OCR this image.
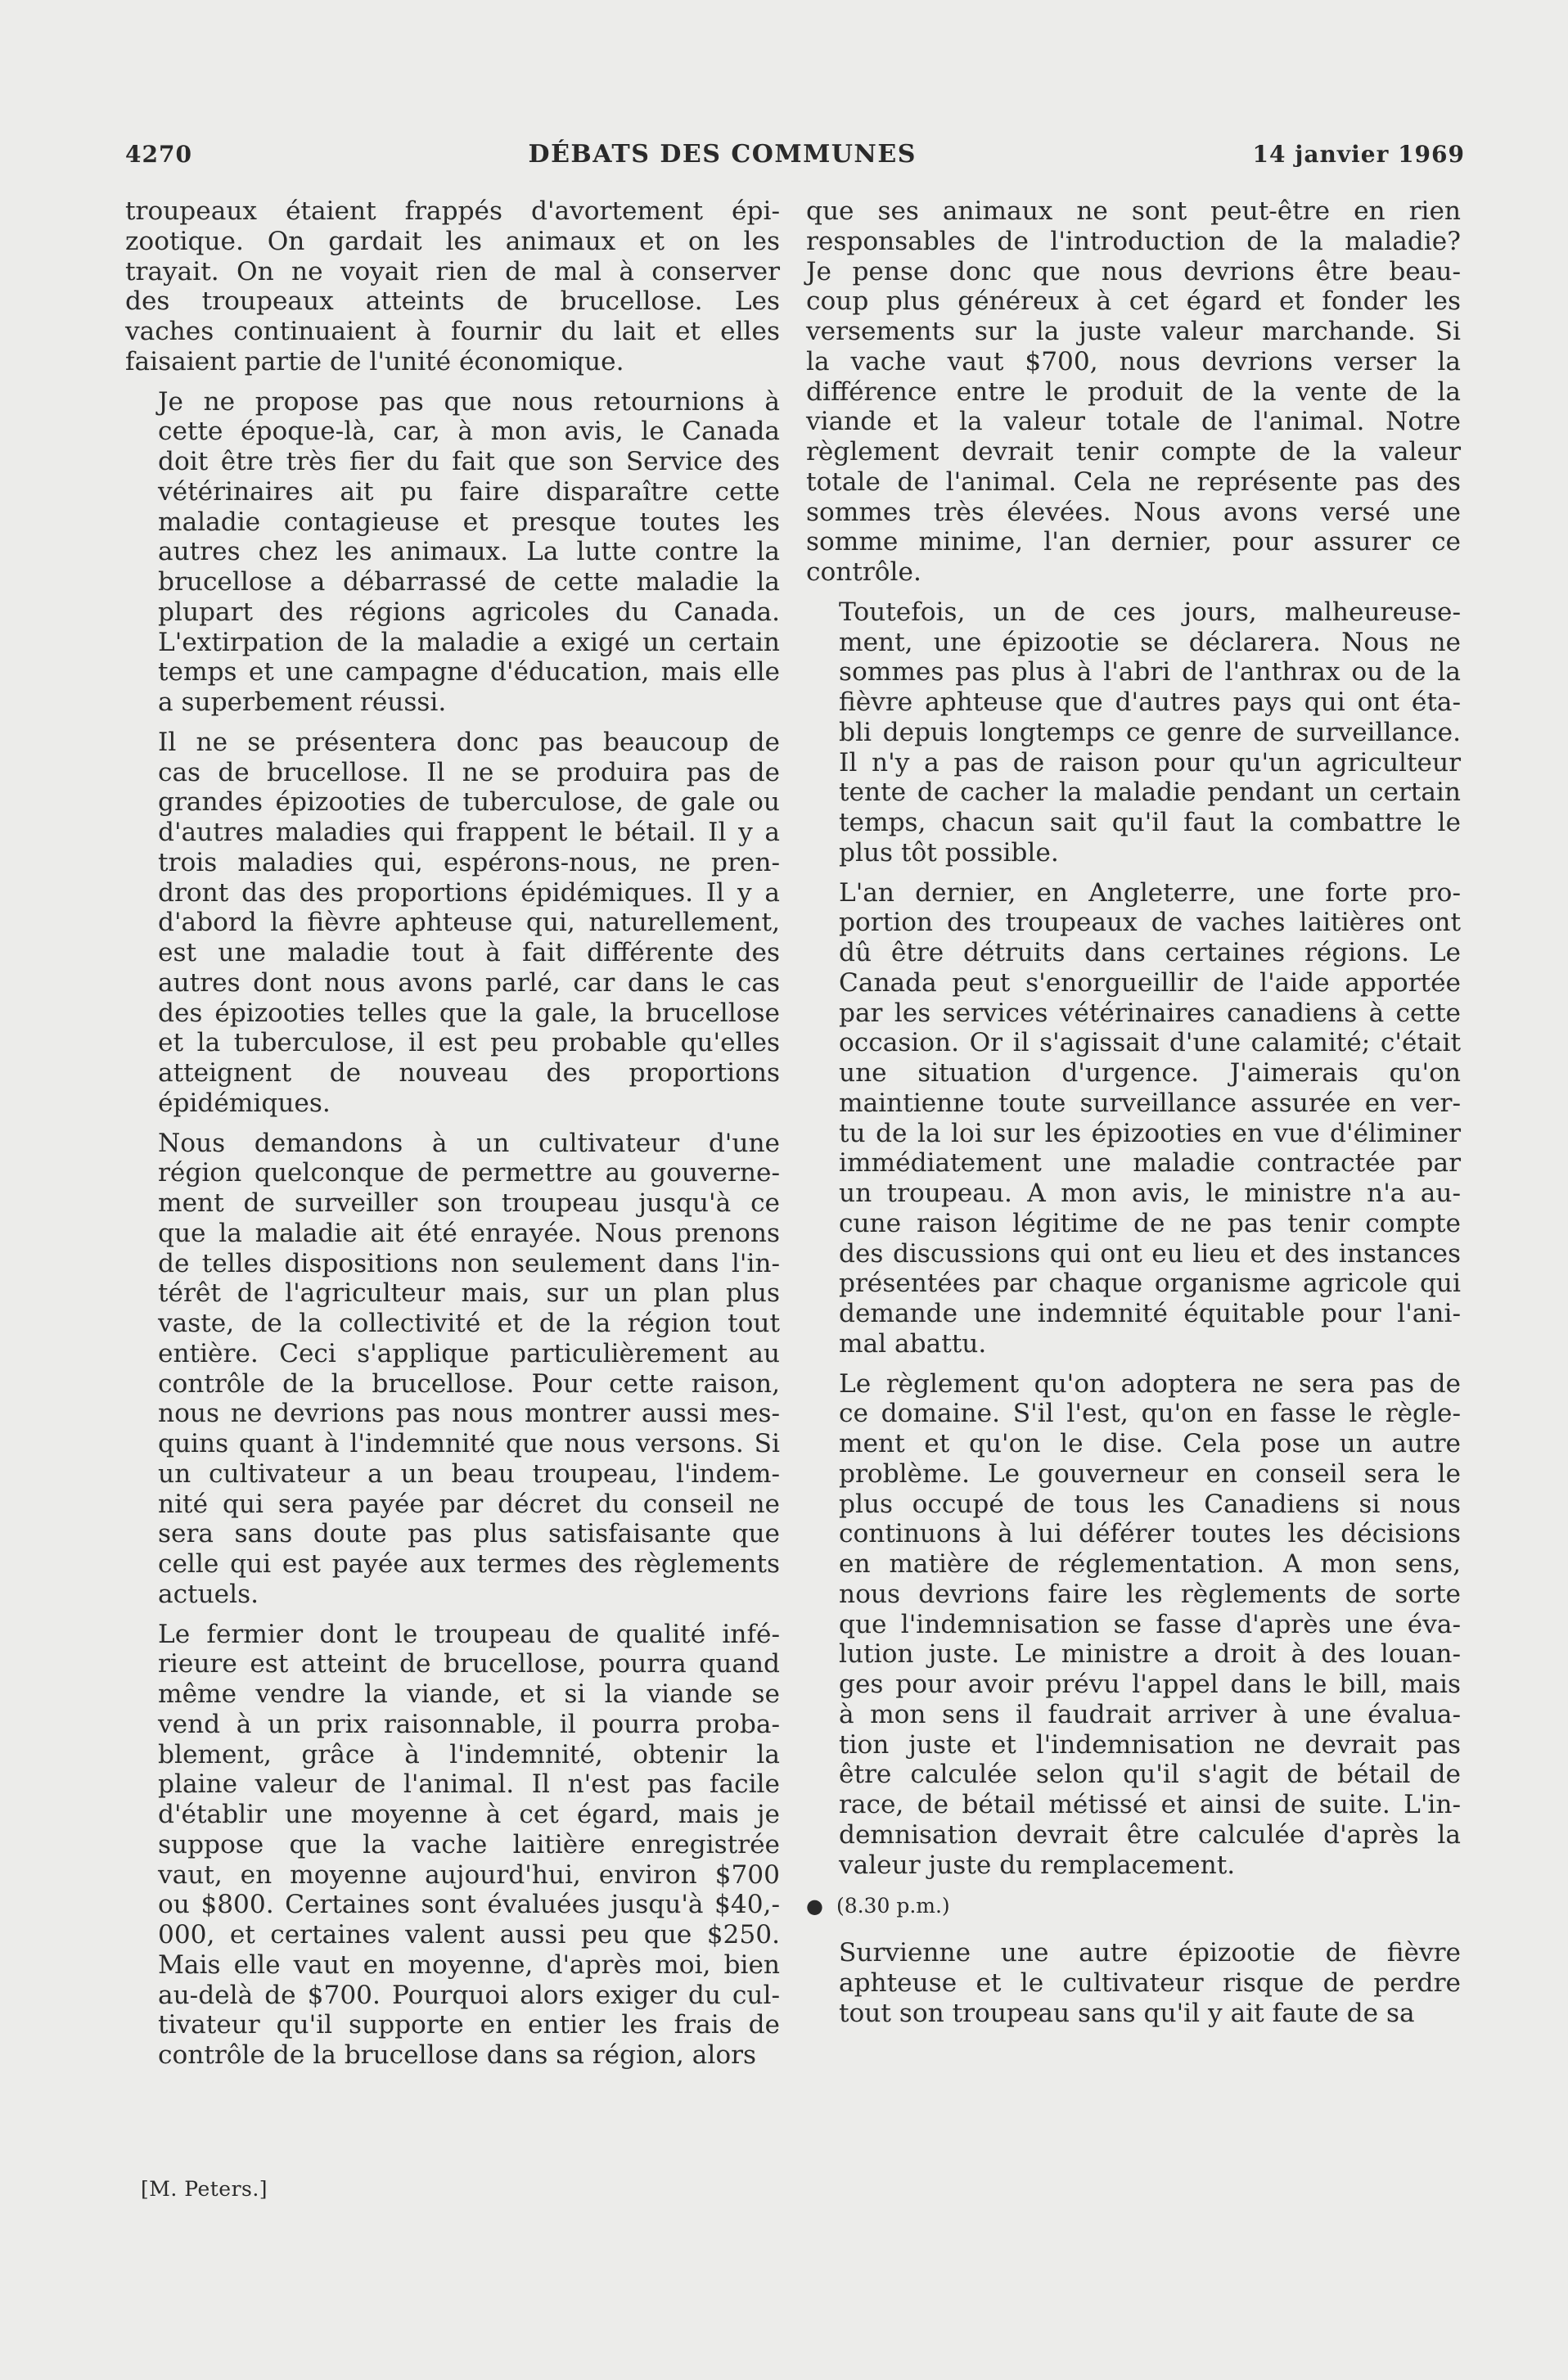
4270	DÉBATS DES COMMUNES	14 janvier 1969

troupeaux étaient frappés d'avortement épi-
zootique. On gardait les animaux et on les
trayait. On ne voyait rien de mal à conserver
des troupeaux atteints de brucellose. Les
vaches continuaient à fournir du lait et elles
faisaient partie de l'unité économique.

Je ne propose pas que nous retournions à
cette époque-là, car, à mon avis, le Canada
doit être très fier du fait que son Service des
vétérinaires ait pu faire disparaître cette
maladie contagieuse et presque toutes les
autres chez les animaux. La lutte contre la
brucellose a débarrassé de cette maladie la
plupart des régions agricoles du Canada.
L'extirpation de la maladie a exigé un certain
temps et une campagne d'éducation, mais elle
a superbement réussi.

Il ne se présentera donc pas beaucoup de
cas de brucellose. Il ne se produira pas de
grandes épizooties de tuberculose, de gale ou
d'autres maladies qui frappent le bétail. Il y a
trois maladies qui, espérons-nous, ne pren-
dront das des proportions épidémiques. Il y a
d'abord la fièvre aphteuse qui, naturellement,
est une maladie tout à fait différente des
autres dont nous avons parlé, car dans le cas
des épizooties telles que la gale, la brucellose
et la tuberculose, il est peu probable qu'elles
atteignent de nouveau des proportions
épidémiques.

Nous demandons à un cultivateur d'une
région quelconque de permettre au gouverne-
ment de surveiller son troupeau jusqu'à ce
que la maladie ait été enrayée. Nous prenons
de telles dispositions non seulement dans l'in-
térêt de l'agriculteur mais, sur un plan plus
vaste, de la collectivité et de la région tout
entière. Ceci s'applique particulièrement au
contrôle de la brucellose. Pour cette raison,
nous ne devrions pas nous montrer aussi mes-
quins quant à l'indemnité que nous versons. Si
un cultivateur a un beau troupeau, l'indem-
nité qui sera payée par décret du conseil ne
sera sans doute pas plus satisfaisante que
celle qui est payée aux termes des règlements
actuels.

Le fermier dont le troupeau de qualité infé-
rieure est atteint de brucellose, pourra quand
même vendre la viande, et si la viande se
vend à un prix raisonnable, il pourra proba-
blement, grâce à l'indemnité, obtenir la
plaine valeur de l'animal. Il n'est pas facile
d'établir une moyenne à cet égard, mais je
suppose que la vache laitière enregistrée
vaut, en moyenne aujourd'hui, environ $700
ou $800. Certaines sont évaluées jusqu'à $40,-
000, et certaines valent aussi peu que $250.
Mais elle vaut en moyenne, d'après moi, bien
au-delà de $700. Pourquoi alors exiger du cul-
tivateur qu'il supporte en entier les frais de
contrôle de la brucellose dans sa région, alors

que ses animaux ne sont peut-être en rien
responsables de l'introduction de la maladie?
Je pense donc que nous devrions être beau-
coup plus généreux à cet égard et fonder les
versements sur la juste valeur marchande. Si
la vache vaut $700, nous devrions verser la
différence entre le produit de la vente de la
viande et la valeur totale de l'animal. Notre
règlement devrait tenir compte de la valeur
totale de l'animal. Cela ne représente pas des
sommes très élevées. Nous avons versé une
somme minime, l'an dernier, pour assurer ce
contrôle.

Toutefois, un de ces jours, malheureuse-
ment, une épizootie se déclarera. Nous ne
sommes pas plus à l'abri de l'anthrax ou de la
fièvre aphteuse que d'autres pays qui ont éta-
bli depuis longtemps ce genre de surveillance.
Il n'y a pas de raison pour qu'un agriculteur
tente de cacher la maladie pendant un certain
temps, chacun sait qu'il faut la combattre le
plus tôt possible.

L'an dernier, en Angleterre, une forte pro-
portion des troupeaux de vaches laitières ont
dû être détruits dans certaines régions. Le
Canada peut s'enorgueillir de l'aide apportée
par les services vétérinaires canadiens à cette
occasion. Or il s'agissait d'une calamité; c'était
une situation d'urgence. J'aimerais qu'on
maintienne toute surveillance assurée en ver-
tu de la loi sur les épizooties en vue d'éliminer
immédiatement une maladie contractée par
un troupeau. A mon avis, le ministre n'a au-
cune raison légitime de ne pas tenir compte
des discussions qui ont eu lieu et des instances
présentées par chaque organisme agricole qui
demande une indemnité équitable pour l'ani-
mal abattu.

Le règlement qu'on adoptera ne sera pas de
ce domaine. S'il l'est, qu'on en fasse le règle-
ment et qu'on le dise. Cela pose un autre
problème. Le gouverneur en conseil sera le
plus occupé de tous les Canadiens si nous
continuons à lui déférer toutes les décisions
en matière de réglementation. A mon sens,
nous devrions faire les règlements de sorte
que l'indemnisation se fasse d'après une éva-
lution juste. Le ministre a droit à des louan-
ges pour avoir prévu l'appel dans le bill, mais
à mon sens il faudrait arriver à une évalua-
tion juste et l'indemnisation ne devrait pas
être calculée selon qu'il s'agit de bétail de
race, de bétail métissé et ainsi de suite. L'in-
demnisation devrait être calculée d'après la
valeur juste du remplacement.

● (8.30 p.m.)

Survienne une autre épizootie de fièvre
aphteuse et le cultivateur risque de perdre
tout son troupeau sans qu'il y ait faute de sa

[M. Peters.]
